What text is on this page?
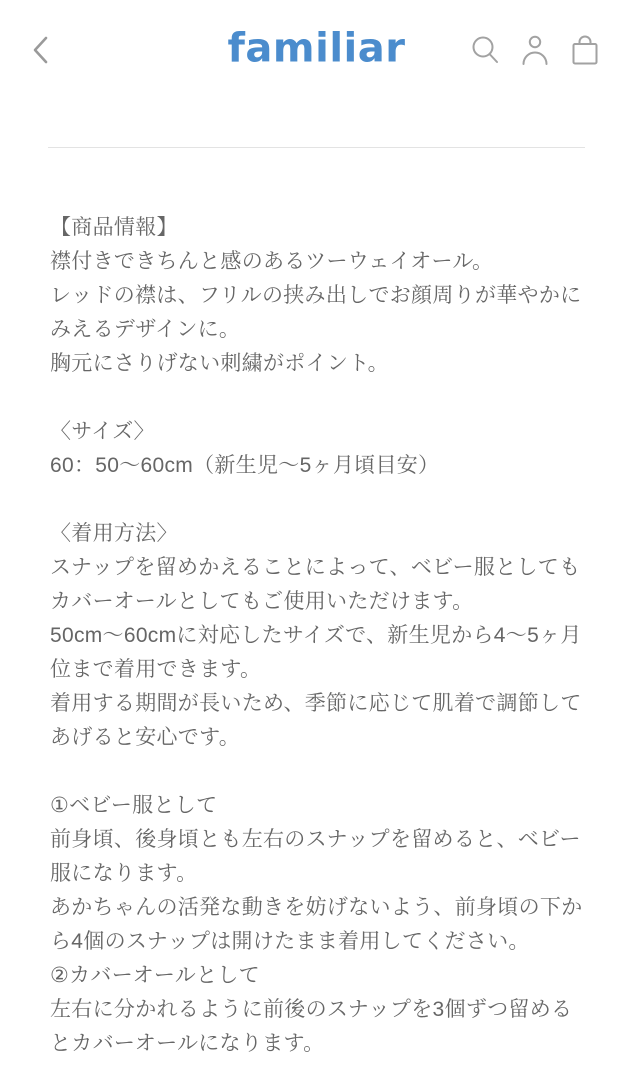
familiar

【商品情報】

襟付きできちんと感のあるツーウェイオール。

レッドの襟は、フリルの挟み出しでお顔周りが華やかにみえるデザインに。

胸元にさりげない刺繍がポイント。

〈サイズ〉

60：50〜60cm（新生児〜5ヶ月頃目安）

〈着用方法〉

スナップを留めかえることによって、ベビー服としてもカバーオールとしてもご使用いただけます。

50cm〜60cmに対応したサイズで、新生児から4〜5ヶ月位まで着用できます。

着用する期間が長いため、季節に応じて肌着で調節してあげると安心です。

①ベビー服として

前身頃、後身頃とも左右のスナップを留めると、ベビー服になります。

あかちゃんの活発な動きを妨げないよう、前身頃の下から4個のスナップは開けたまま着用してください。

②カバーオールとして

左右に分かれるように前後のスナップを3個ずつ留めるとカバーオールになります。
